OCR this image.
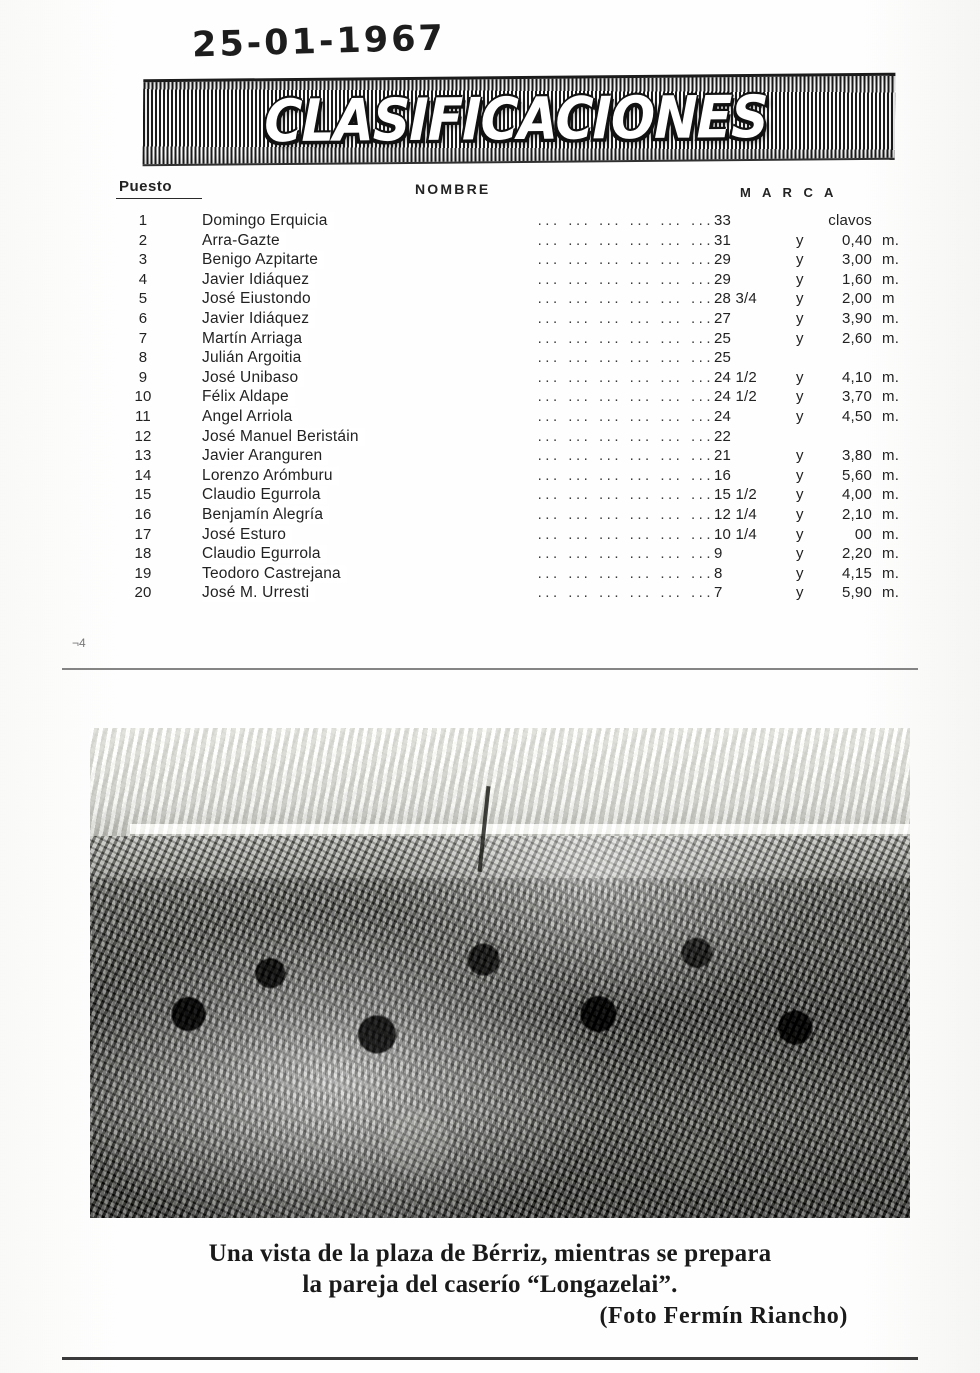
25-01-1967
CLASIFICACIONES
Puesto	NOMBRE	M A R C A
... ... ... ... ... ...
1	Domingo Erquicia	33	clavos
... ... ... ... ... ...
2	Arra-Gazte	31	y	0,40 m.
... ... ... ... ... ...
3	Benigo Azpitarte	29	y	3,00 m.
... ... ... ... ... ...
4	Javier Idiáquez	29	y	1,60 m.
... ... ... ... ... ...
5	José Eiustondo	28 3/4	y	2,00 m
... ... ... ... ... ...
6	Javier Idiáquez	27	y	3,90 m.
... ... ... ... ... ...
7	Martín Arriaga	25	y	2,60 m.
... ... ... ... ... ...
8	Julián Argoitia	25
... ... ... ... ... ...
9	José Unibaso	24 1/2	y	4,10 m.
... ... ... ... ... ...
10	Félix Aldape	24 1/2	y	3,70 m.
... ... ... ... ... ...
11	Angel Arriola	24	y	4,50 m.
... ... ... ... ... ...
12	José Manuel Beristáin	22
... ... ... ... ... ...
13	Javier Aranguren	21	y	3,80 m.
... ... ... ... ... ...
14	Lorenzo Arómburu	16	y	5,60 m.
... ... ... ... ... ...
15	Claudio Egurrola	15 1/2	y	4,00 m.
... ... ... ... ... ...
16	Benjamín Alegría	12 1/4	y	2,10 m.
... ... ... ... ... ...
17	José Esturo	10 1/4	y	00 m.
... ... ... ... ... ...
18	Claudio Egurrola	9	y	2,20 m.
... ... ... ... ... ...
19	Teodoro Castrejana	8	y	4,15 m.
... ... ... ... ... ...
20	José M. Urresti	7	y	5,90 m.
¬4
Una vista de la plaza de Bérriz, mientras se prepara
la pareja del caserío “Longazelai”.
(Foto Fermín Riancho)
